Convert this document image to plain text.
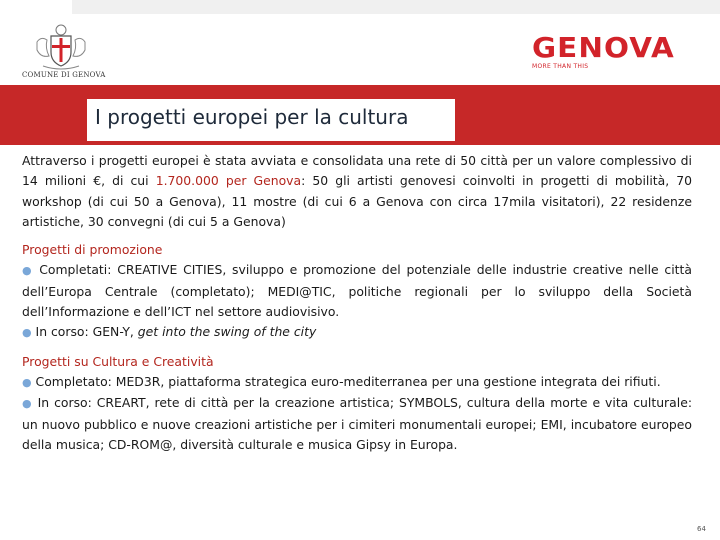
COMUNE DI GENOVA
GENOVA
MORE THAN THIS
I progetti europei per la cultura

Attraverso i progetti europei è stata avviata e consolidata una rete di 50 città per un valore complessivo di 14 milioni €, di cui 1.700.000 per Genova: 50 gli artisti genovesi coinvolti in progetti di mobilità, 70 workshop (di cui 50 a Genova), 11 mostre (di cui 6 a Genova con circa 17mila visitatori), 22 residenze artistiche, 30 convegni (di cui 5 a Genova)

Progetti di promozione

● Completati: CREATIVE CITIES, sviluppo e promozione del potenziale delle industrie creative nelle città dell’Europa Centrale (completato); MEDI@TIC, politiche regionali per lo sviluppo della Società dell’Informazione e dell’ICT nel settore audiovisivo.

● In corso: GEN-Y, get into the swing of the city

Progetti su Cultura e Creatività

● Completato: MED3R, piattaforma strategica euro-mediterranea per una gestione integrata dei rifiuti.

● In corso: CREART, rete di città per la creazione artistica; SYMBOLS, cultura della morte e vita culturale: un nuovo pubblico e nuove creazioni artistiche per i cimiteri monumentali europei; EMI, incubatore europeo della musica; CD-ROM@, diversità culturale e musica Gipsy in Europa.

64
